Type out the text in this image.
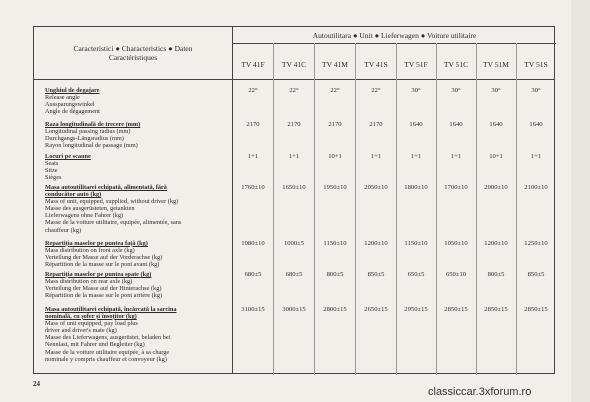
Caracteristici ● Characteristics ● Daten
Caractéristiques
Autoutilitara ● Unit ● Lieferwagen ● Voiture utilitaire
TV 41F	TV 41C	TV 41M	TV 41S	TV 51F	TV 51C	TV 51M	TV 51S
Unghiul de degajare
Release angle
Aussparungswinkel
Angle de dégagement
22°	22°	22°	22°	30°	30°	30°	30°
Raza longitudinală de trecere (mm)
Longitudinal passing radius (mm)
Durchgangs-Längsradius (mm)
Rayon longitudinal de passage (mm)
2170	2170	2170	2170	1640	1640	1640	1640
Locuri pe scaune
Seats
Sitze
Sièges
1+1	1+1	10+1	1+1	1+1	1+1	10+1	1+1
Masa autoutilitarei echipată, alimentată, fără
conducător auto (kg)
Mass of unit, equipped, supplied, without driver (kg)
Masse des ausgerüsteten, getankten
Lieferwagens ohne Fahrer (kg)
Masse de la voiture utilitaire, equipée, alimentée, sans
chauffeur (kg)
1760±10	1650±10	1950±10	2050±10	1800±10	1700±10	2000±10	2100±10
Repartiția maselor pe puntea față (kg)
Mass distribution on front axle (kg)
Verteilung der Masse auf der Vorderachse (kg)
Répartition de la masse sur le pont avant (kg)
1080±10	1000±5	1150±10	1200±10	1150±10	1050±10	1200±10	1250±10
Repartiția maselor pe puntea spate (kg)
Mass distribution on rear axle (kg)
Verteilung der Masse auf der Hinterachse (kg)
Répartition de la masse sur le pont arrière (kg)
680±5	680±5	800±5	850±5	650±5	650±10	800±5	850±5
Masa autoutilitarei echipată, încărcată la sarcina
nominală, cu șofer și însoțitor (kg)
Mass of unit equipped, pay load plus
driver and driver's mate (kg)
Masse des Lieferwagens, ausgerüstet, beladen bei
Nennlast, mit Fahrer und Begleiter (kg)
Masse de la voiture utilitaire equipée, à sa charge
nominale y compris chauffeur et convoyeur (kg)
3100±15	3000±15	2800±15	2650±15	2950±15	2850±15	2850±15	2850±15
24
classiccar.3xforum.ro
